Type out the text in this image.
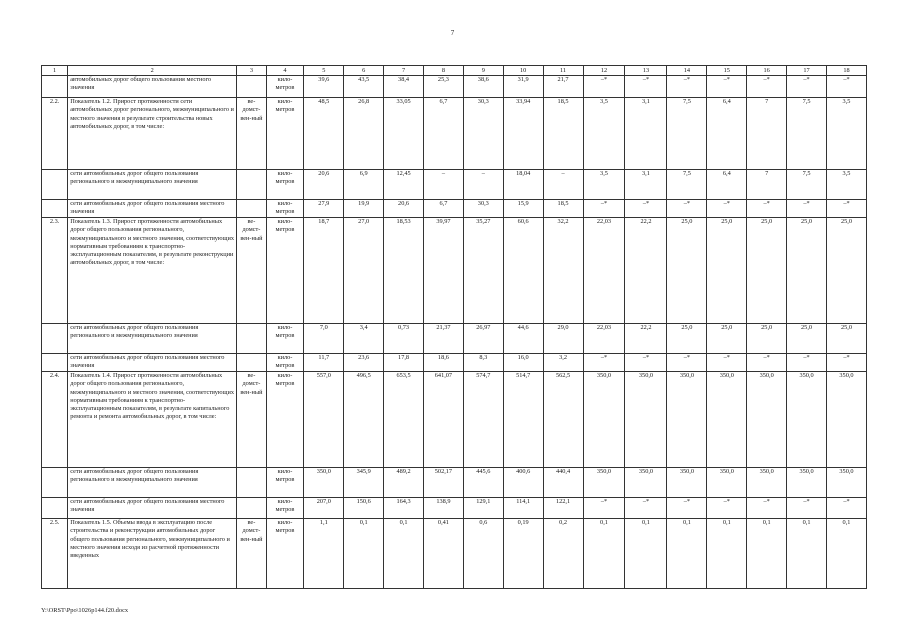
7
1	2	3	4	5	6	7	8	9	10	11	12	13	14	15	16	17	18
	автомобильных дорог общего пользования местного значения		кило-метров	39,6	43,5	38,4	25,3	38,6	31,9	21,7	–*	–*	–*	–*	–*	–*	–*
2.2.	Показатель 1.2. Прирост протяженности сети автомобильных дорог регионального, межмуниципального и местного значения в результате строительства новых автомобильных дорог, в том числе:	ве-домст-вен-ный	кило-метров	48,5	26,8	33,05	6,7	30,3	33,94	18,5	3,5	3,1	7,5	6,4	7	7,5	3,5
	сети автомобильных дорог общего пользования регионального и межмуниципального значения		кило-метров	20,6	6,9	12,45	–	–	18,04	–	3,5	3,1	7,5	6,4	7	7,5	3,5
	сети автомобильных дорог общего пользования местного значения		кило-метров	27,9	19,9	20,6	6,7	30,3	15,9	18,5	–*	–*	–*	–*	–*	–*	–*
2.3.	Показатель 1.3. Прирост протяженности автомобильных дорог общего пользования регионального, межмуниципального и местного значения, соответствующих нормативным требованиям к транспортно-эксплуатационным показателям, в результате реконструкции автомобильных дорог, в том числе:	ве-домст-вен-ный	кило-метров	18,7	27,0	18,53	39,97	35,27	60,6	32,2	22,03	22,2	25,0	25,0	25,0	25,0	25,0
	сети автомобильных дорог общего пользования регионального и межмуниципального значения		кило-метров	7,0	3,4	0,73	21,37	26,97	44,6	29,0	22,03	22,2	25,0	25,0	25,0	25,0	25,0
	сети автомобильных дорог общего пользования местного значения		кило-метров	11,7	23,6	17,8	18,6	8,3	16,0	3,2	–*	–*	–*	–*	–*	–*	–*
2.4.	Показатель 1.4. Прирост протяженности автомобильных дорог общего пользования регионального, межмуниципального и местного значения, соответствующих нормативным требованиям к транспортно-эксплуатационным показателям, в результате капитального ремонта и ремонта автомобильных дорог, в том числе:	ве-домст-вен-ный	кило-метров	557,0	496,5	653,5	641,07	574,7	514,7	562,5	350,0	350,0	350,0	350,0	350,0	350,0	350,0
	сети автомобильных дорог общего пользования регионального и межмуниципального значения		кило-метров	350,0	345,9	489,2	502,17	445,6	400,6	440,4	350,0	350,0	350,0	350,0	350,0	350,0	350,0
	сети автомобильных дорог общего пользования местного значения		кило-метров	207,0	150,6	164,3	138,9	129,1	114,1	122,1	–*	–*	–*	–*	–*	–*	–*
2.5.	Показатель 1.5. Объемы ввода в эксплуатацию после строительства и реконструкции автомобильных дорог общего пользования регионального, межмуниципального и местного значения исходя из расчетной протяженности введенных	ве-домст-вен-ный	кило-метров	1,1	0,1	0,1	0,41	0,6	0,19	0,2	0,1	0,1	0,1	0,1	0,1	0,1	0,1
Y:\ORST\Ppo\1026p144.f20.docx
